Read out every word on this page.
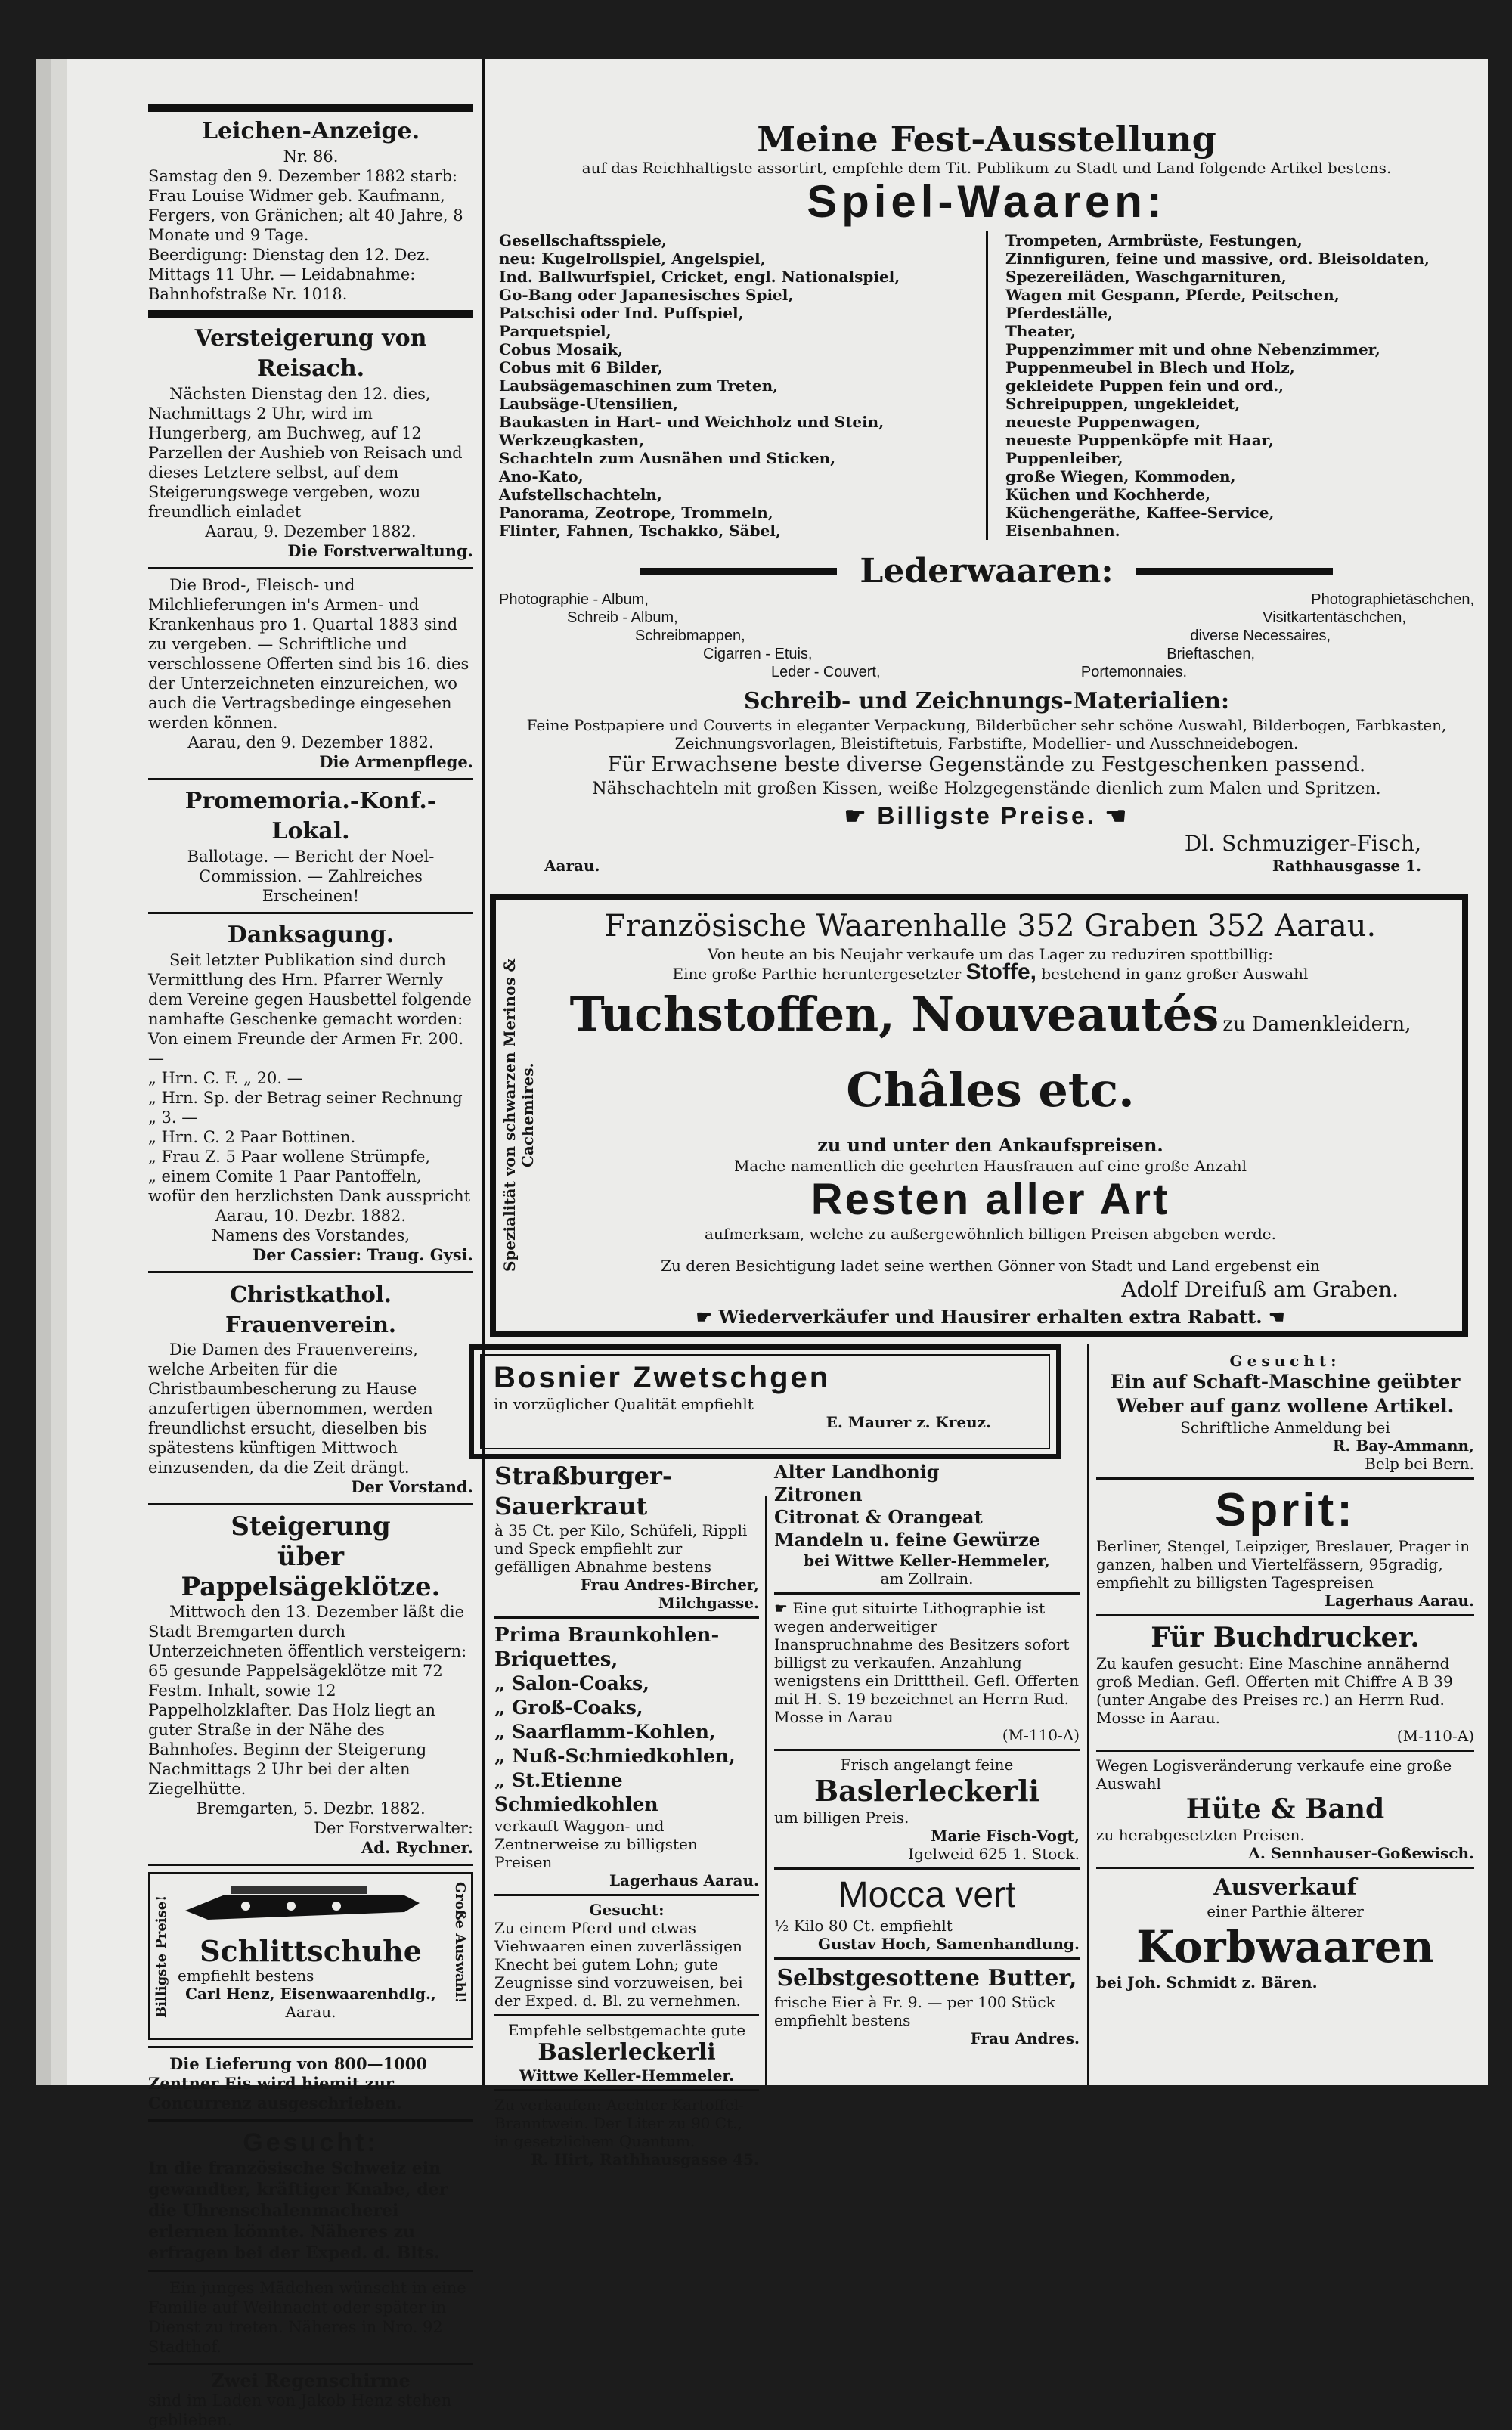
Leichen-Anzeige.

Nr. 86.

Samstag den 9. Dezember 1882 starb: Frau Louise Widmer geb. Kaufmann, Fergers, von Gränichen; alt 40 Jahre, 8 Monate und 9 Tage.

Beerdigung: Dienstag den 12. Dez. Mittags 11 Uhr. — Leidabnahme: Bahnhofstraße Nr. 1018.

Versteigerung von Reisach.

Nächsten Dienstag den 12. dies, Nachmittags 2 Uhr, wird im Hungerberg, am Buchweg, auf 12 Parzellen der Aushieb von Reisach und dieses Letztere selbst, auf dem Steigerungswege vergeben, wozu freundlich einladet

Aarau, 9. Dezember 1882.

Die Forstverwaltung.

Die Brod-, Fleisch- und Milchlieferungen in's Armen- und Krankenhaus pro 1. Quartal 1883 sind zu vergeben. — Schriftliche und verschlossene Offerten sind bis 16. dies der Unterzeichneten einzureichen, wo auch die Vertragsbedinge eingesehen werden können.

Aarau, den 9. Dezember 1882.

Die Armenpflege.

Promemoria.-Konf.-Lokal.

Ballotage. — Bericht der Noel-Commission. — Zahlreiches Erscheinen!

Danksagung.

Seit letzter Publikation sind durch Vermittlung des Hrn. Pfarrer Wernly dem Vereine gegen Hausbettel folgende namhafte Geschenke gemacht worden:

Von einem Freunde der Armen Fr. 200. —

„ Hrn. C. F. „ 20. —

„ Hrn. Sp. der Betrag seiner Rechnung „ 3. —

„ Hrn. C. 2 Paar Bottinen.

„ Frau Z. 5 Paar wollene Strümpfe,

„ einem Comite 1 Paar Pantoffeln,

wofür den herzlichsten Dank ausspricht

Aarau, 10. Dezbr. 1882.

Namens des Vorstandes,

Der Cassier: Traug. Gysi.

Christkathol. Frauenverein.

Die Damen des Frauenvereins, welche Arbeiten für die Christbaumbescherung zu Hause anzufertigen übernommen, werden freundlichst ersucht, dieselben bis spätestens künftigen Mittwoch einzusenden, da die Zeit drängt.

Der Vorstand.

Steigerung

über Pappelsägeklötze.

Mittwoch den 13. Dezember läßt die Stadt Bremgarten durch Unterzeichneten öffentlich versteigern: 65 gesunde Pappelsägeklötze mit 72 Festm. Inhalt, sowie 12 Pappelholzklafter. Das Holz liegt an guter Straße in der Nähe des Bahnhofes. Beginn der Steigerung Nachmittags 2 Uhr bei der alten Ziegelhütte.

Bremgarten, 5. Dezbr. 1882.

Der Forstverwalter:

Ad. Rychner.

Billigste Preise!	Große Auswahl!

Schlittschuhe

empfiehlt bestens

Carl Henz, Eisenwaarenhdlg.,

Aarau.

Die Lieferung von 800—1000 Zentner Eis wird hiemit zur Concurrenz ausgeschrieben.

Gesucht:

In die französische Schweiz ein gewandter, kräftiger Knabe, der die Uhrenschalenmacherei erlernen könnte. Näheres zu erfragen bei der Exped. d. Blts.

Ein junges Mädchen wünscht in eine Familie auf Weihnacht oder später in Dienst zu treten. Näheres in Nro. 92 Stadthof.

Zwei Regenschirme

sind im Laden von Jakob Henz stehen geblieben.

Meine Fest-Ausstellung

auf das Reichhaltigste assortirt, empfehle dem Tit. Publikum zu Stadt und Land folgende Artikel bestens.

Spiel-Waaren:

Gesellschaftsspiele,

neu: Kugelrollspiel, Angelspiel,

Ind. Ballwurfspiel, Cricket, engl. Nationalspiel,

Go-Bang oder Japanesisches Spiel,

Patschisi oder Ind. Puffspiel,

Parquetspiel,

Cobus Mosaik,

Cobus mit 6 Bilder,

Laubsägemaschinen zum Treten,

Laubsäge-Utensilien,

Baukasten in Hart- und Weichholz und Stein,

Werkzeugkasten,

Schachteln zum Ausnähen und Sticken,

Ano-Kato,

Aufstellschachteln,

Panorama, Zeotrope, Trommeln,

Flinter, Fahnen, Tschakko, Säbel,

Trompeten, Armbrüste, Festungen,

Zinnfiguren, feine und massive, ord. Bleisoldaten,

Spezereiläden, Waschgarnituren,

Wagen mit Gespann, Pferde, Peitschen,

Pferdeställe,

Theater,

Puppenzimmer mit und ohne Nebenzimmer,

Puppenmeubel in Blech und Holz,

gekleidete Puppen fein und ord.,

Schreipuppen, ungekleidet,

neueste Puppenwagen,

neueste Puppenköpfe mit Haar,

Puppenleiber,

große Wiegen, Kommoden,

Küchen und Kochherde,

Küchengeräthe, Kaffee-Service,

Eisenbahnen.

Lederwaaren:

Photographie - Album,

Schreib - Album,

Schreibmappen,

Cigarren - Etuis,

Leder - Couvert,

Photographietäschchen,

Visitkartentäschchen,

diverse Necessaires,

Brieftaschen,

Portemonnaies.

Schreib- und Zeichnungs-Materialien:

Feine Postpapiere und Couverts in eleganter Verpackung, Bilderbücher sehr schöne Auswahl, Bilderbogen, Farbkasten, Zeichnungsvorlagen, Bleistiftetuis, Farbstifte, Modellier- und Ausschneidebogen.

Für Erwachsene beste diverse Gegenstände zu Festgeschenken passend.

Nähschachteln mit großen Kissen, weiße Holzgegenstände dienlich zum Malen und Spritzen.

☛ Billigste Preise. ☚

Aarau.

Dl. Schmuziger-Fisch,

Rathhausgasse 1.

Spezialität von schwarzen Merinos & Cachemires.

Französische Waarenhalle 352 Graben 352 Aarau.

Von heute an bis Neujahr verkaufe um das Lager zu reduziren spottbillig:

Eine große Parthie heruntergesetzter Stoffe, bestehend in ganz großer Auswahl

Tuchstoffen, Nouveautés zu Damenkleidern, Châles etc.

zu und unter den Ankaufspreisen.

Mache namentlich die geehrten Hausfrauen auf eine große Anzahl

Resten aller Art

aufmerksam, welche zu außergewöhnlich billigen Preisen abgeben werde.

Zu deren Besichtigung ladet seine werthen Gönner von Stadt und Land ergebenst ein

Adolf Dreifuß am Graben.

☛ Wiederverkäufer und Hausirer erhalten extra Rabatt. ☚

Bosnier Zwetschgen

in vorzüglicher Qualität empfiehlt

E. Maurer z. Kreuz.

Straßburger-Sauerkraut

à 35 Ct. per Kilo, Schüfeli, Rippli und Speck empfiehlt zur gefälligen Abnahme bestens

Frau Andres-Bircher, Milchgasse.

Prima Braunkohlen-Briquettes,

„ Salon-Coaks,

„ Groß-Coaks,

„ Saarflamm-Kohlen,

„ Nuß-Schmiedkohlen,

„ St.Etienne Schmiedkohlen

verkauft Waggon- und Zentnerweise zu billigsten Preisen

Lagerhaus Aarau.

Gesucht:

Zu einem Pferd und etwas Viehwaaren einen zuverlässigen Knecht bei gutem Lohn; gute Zeugnisse sind vorzuweisen, bei der Exped. d. Bl. zu vernehmen.

Empfehle selbstgemachte gute

Baslerleckerli

Wittwe Keller-Hemmeler.

Zu verkaufen: Aechter Kartoffel-Branntwein. Der Liter zu 90 Ct., in gesetzlichem Quantum.

R. Hirt, Rathhausgasse 45.

Alter Landhonig

Zitronen

Citronat & Orangeat

Mandeln u. feine Gewürze

bei Wittwe Keller-Hemmeler,

am Zollrain.

☛ Eine gut situirte Lithographie ist wegen anderweitiger Inanspruchnahme des Besitzers sofort billigst zu verkaufen. Anzahlung wenigstens ein Dritttheil. Gefl. Offerten mit H. S. 19 bezeichnet an Herrn Rud. Mosse in Aarau

(M-110-A)

Frisch angelangt feine

Baslerleckerli

um billigen Preis.

Marie Fisch-Vogt,

Igelweid 625 1. Stock.

Mocca vert

½ Kilo 80 Ct. empfiehlt

Gustav Hoch, Samenhandlung.

Selbstgesottene Butter,

frische Eier à Fr. 9. — per 100 Stück empfiehlt bestens

Frau Andres.

Gesucht:

Ein auf Schaft-Maschine geübter Weber auf ganz wollene Artikel.

Schriftliche Anmeldung bei

R. Bay-Ammann,

Belp bei Bern.

Sprit:

Berliner, Stengel, Leipziger, Breslauer, Prager in ganzen, halben und Viertelfässern, 95gradig, empfiehlt zu billigsten Tagespreisen

Lagerhaus Aarau.

Für Buchdrucker.

Zu kaufen gesucht: Eine Maschine annähernd groß Median. Gefl. Offerten mit Chiffre A B 39 (unter Angabe des Preises rc.) an Herrn Rud. Mosse in Aarau.

(M-110-A)

Wegen Logisveränderung verkaufe eine große Auswahl

Hüte & Band

zu herabgesetzten Preisen.

A. Sennhauser-Goßewisch.

Ausverkauf

einer Parthie älterer

Korbwaaren

bei Joh. Schmidt z. Bären.
